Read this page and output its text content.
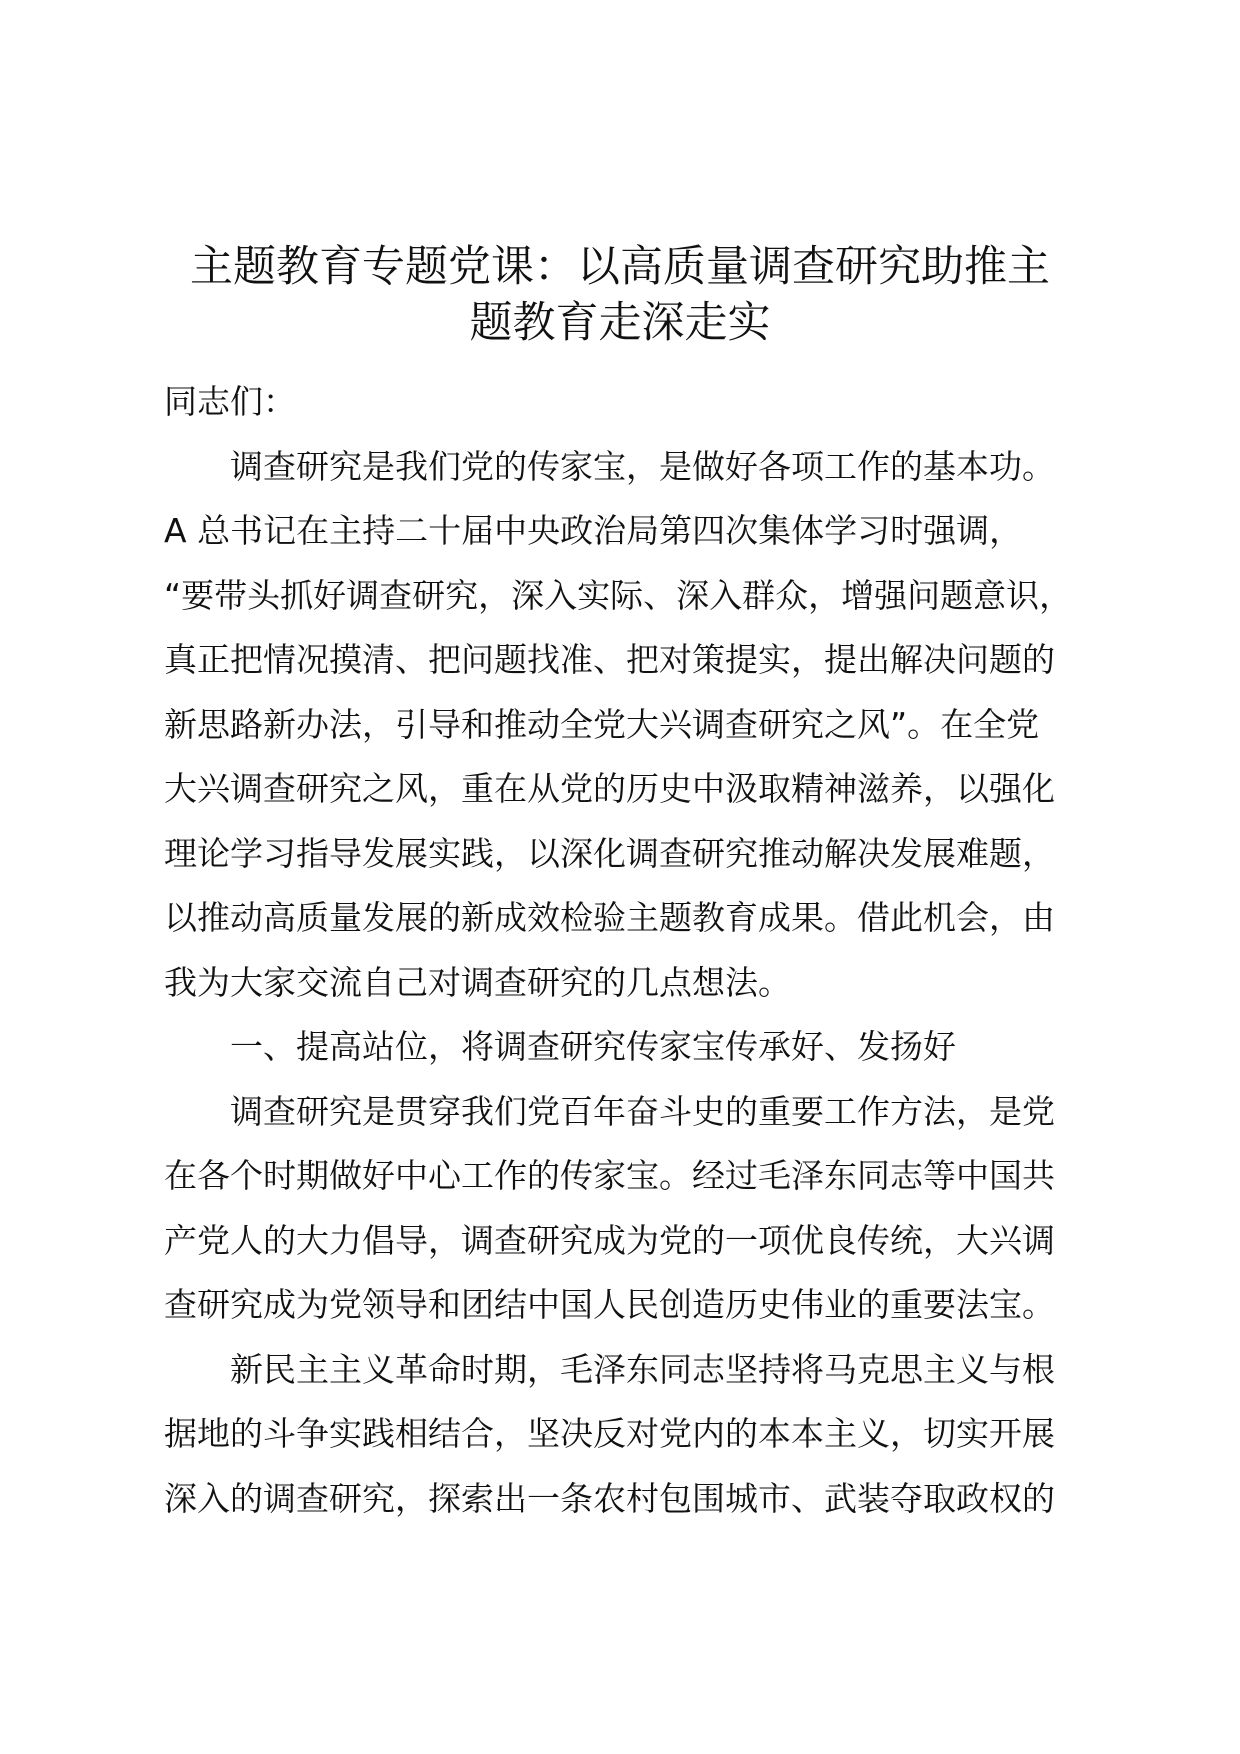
主题教育专题党课：以高质量调查研究助推主
题教育走深走实
同志们：
调查研究是我们党的传家宝，是做好各项工作的基本功。
A 总书记在主持二十届中央政治局第四次集体学习时强调，
“要带头抓好调查研究，深入实际、深入群众，增强问题意识，
真正把情况摸清、把问题找准、把对策提实，提出解决问题的
新思路新办法，引导和推动全党大兴调查研究之风”。在全党
大兴调查研究之风，重在从党的历史中汲取精神滋养，以强化
理论学习指导发展实践，以深化调查研究推动解决发展难题，
以推动高质量发展的新成效检验主题教育成果。借此机会，由
我为大家交流自己对调查研究的几点想法。
一、提高站位，将调查研究传家宝传承好、发扬好
调查研究是贯穿我们党百年奋斗史的重要工作方法，是党
在各个时期做好中心工作的传家宝。经过毛泽东同志等中国共
产党人的大力倡导，调查研究成为党的一项优良传统，大兴调
查研究成为党领导和团结中国人民创造历史伟业的重要法宝。
新民主主义革命时期，毛泽东同志坚持将马克思主义与根
据地的斗争实践相结合，坚决反对党内的本本主义，切实开展
深入的调查研究，探索出一条农村包围城市、武装夺取政权的
